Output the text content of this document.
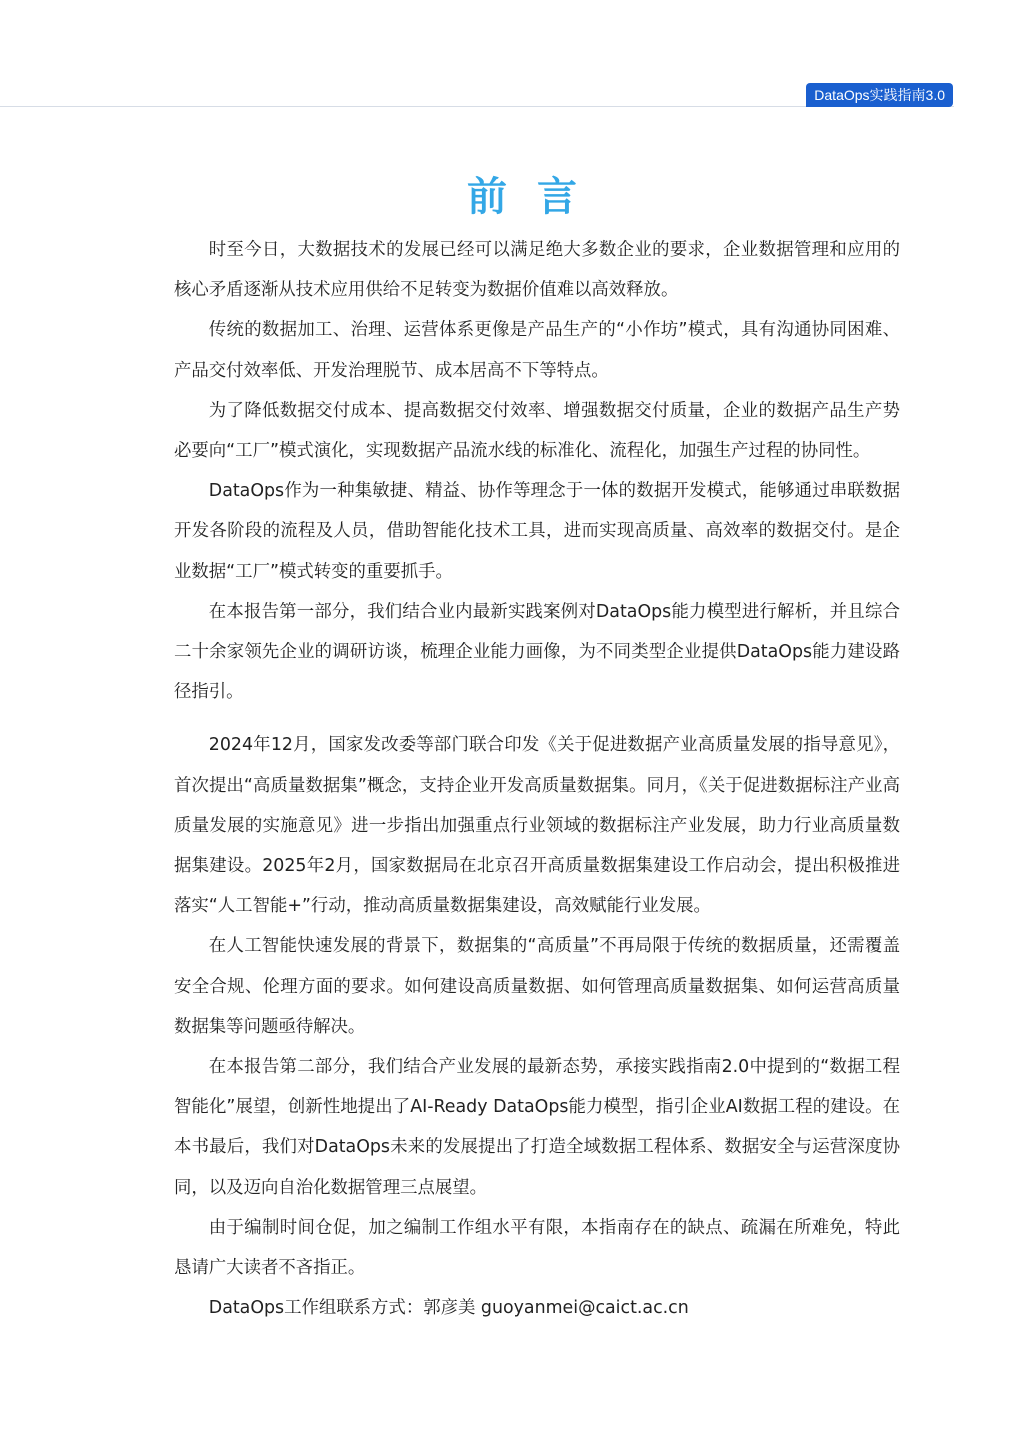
DataOps实践指南3.0
前言

时至今日，大数据技术的发展已经可以满足绝大多数企业的要求，企业数据管理和应用的核心矛盾逐渐从技术应用供给不足转变为数据价值难以高效释放。

传统的数据加工、治理、运营体系更像是产品生产的“小作坊”模式，具有沟通协同困难、产品交付效率低、开发治理脱节、成本居高不下等特点。

为了降低数据交付成本、提高数据交付效率、增强数据交付质量，企业的数据产品生产势必要向“工厂”模式演化，实现数据产品流水线的标准化、流程化，加强生产过程的协同性。

DataOps作为一种集敏捷、精益、协作等理念于一体的数据开发模式，能够通过串联数据开发各阶段的流程及人员，借助智能化技术工具，进而实现高质量、高效率的数据交付。是企业数据“工厂”模式转变的重要抓手。

在本报告第一部分，我们结合业内最新实践案例对DataOps能力模型进行解析，并且综合二十余家领先企业的调研访谈，梳理企业能力画像，为不同类型企业提供DataOps能力建设路径指引。

2024年12月，国家发改委等部门联合印发《关于促进数据产业高质量发展的指导意见》，首次提出“高质量数据集”概念，支持企业开发高质量数据集。同月，《关于促进数据标注产业高质量发展的实施意见》进一步指出加强重点行业领域的数据标注产业发展，助力行业高质量数据集建设。2025年2月，国家数据局在北京召开高质量数据集建设工作启动会，提出积极推进落实“人工智能+”行动，推动高质量数据集建设，高效赋能行业发展。

在人工智能快速发展的背景下，数据集的“高质量”不再局限于传统的数据质量，还需覆盖安全合规、伦理方面的要求。如何建设高质量数据、如何管理高质量数据集、如何运营高质量数据集等问题亟待解决。

在本报告第二部分，我们结合产业发展的最新态势，承接实践指南2.0中提到的“数据工程智能化”展望，创新性地提出了AI-Ready DataOps能力模型，指引企业AI数据工程的建设。在本书最后，我们对DataOps未来的发展提出了打造全域数据工程体系、数据安全与运营深度协同，以及迈向自治化数据管理三点展望。

由于编制时间仓促，加之编制工作组水平有限，本指南存在的缺点、疏漏在所难免，特此恳请广大读者不吝指正。

DataOps工作组联系方式：郭彦美 guoyanmei@caict.ac.cn
